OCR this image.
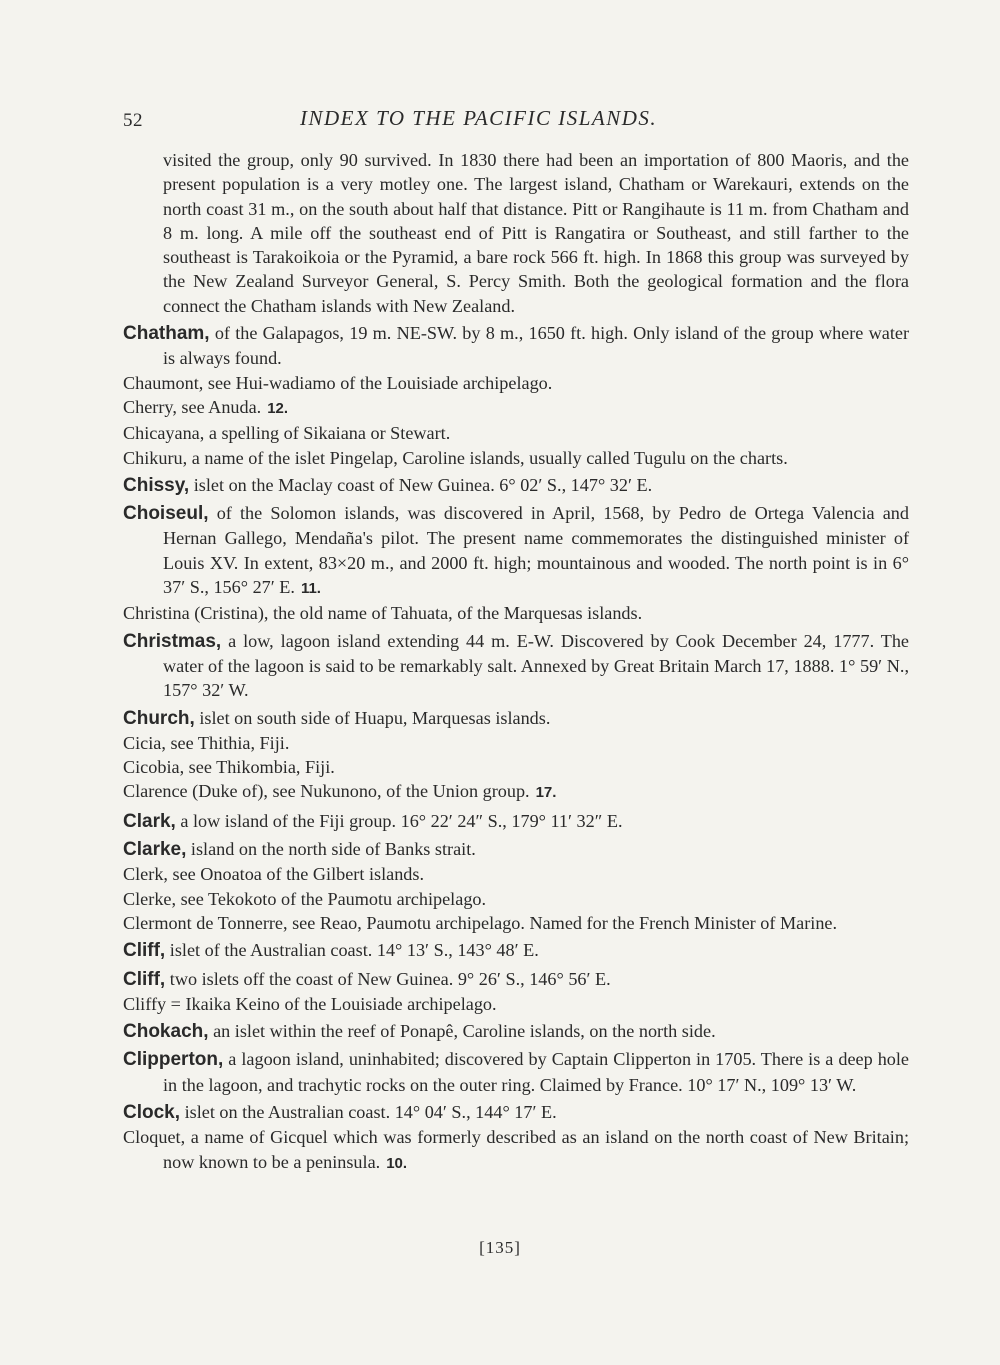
52	INDEX TO THE PACIFIC ISLANDS.

visited the group, only 90 survived. In 1830 there had been an importation of 800 Maoris, and the present population is a very motley one. The largest island, Chatham or Warekauri, extends on the north coast 31 m., on the south about half that distance. Pitt or Rangihaute is 11 m. from Chatham and 8 m. long. A mile off the southeast end of Pitt is Rangatira or Southeast, and still farther to the southeast is Tarakoikoia or the Pyramid, a bare rock 566 ft. high. In 1868 this group was surveyed by the New Zealand Surveyor General, S. Percy Smith. Both the geological formation and the flora connect the Chatham islands with New Zealand.

Chatham, of the Galapagos, 19 m. NE-SW. by 8 m., 1650 ft. high. Only island of the group where water is always found.
Chaumont, see Hui-wadiamo of the Louisiade archipelago.
Cherry, see Anuda. 12.
Chicayana, a spelling of Sikaiana or Stewart.
Chikuru, a name of the islet Pingelap, Caroline islands, usually called Tugulu on the charts.
Chissy, islet on the Maclay coast of New Guinea. 6° 02′ S., 147° 32′ E.
Choiseul, of the Solomon islands, was discovered in April, 1568, by Pedro de Ortega Valencia and Hernan Gallego, Mendaña's pilot. The present name commemorates the distinguished minister of Louis XV. In extent, 83×20 m., and 2000 ft. high; mountainous and wooded. The north point is in 6° 37′ S., 156° 27′ E. 11.
Christina (Cristina), the old name of Tahuata, of the Marquesas islands.
Christmas, a low, lagoon island extending 44 m. E-W. Discovered by Cook December 24, 1777. The water of the lagoon is said to be remarkably salt. Annexed by Great Britain March 17, 1888. 1° 59′ N., 157° 32′ W.
Church, islet on south side of Huapu, Marquesas islands.
Cicia, see Thithia, Fiji.
Cicobia, see Thikombia, Fiji.
Clarence (Duke of), see Nukunono, of the Union group. 17.
Clark, a low island of the Fiji group. 16° 22′ 24″ S., 179° 11′ 32″ E.
Clarke, island on the north side of Banks strait.
Clerk, see Onoatoa of the Gilbert islands.
Clerke, see Tekokoto of the Paumotu archipelago.
Clermont de Tonnerre, see Reao, Paumotu archipelago. Named for the French Minister of Marine.
Cliff, islet of the Australian coast. 14° 13′ S., 143° 48′ E.
Cliff, two islets off the coast of New Guinea. 9° 26′ S., 146° 56′ E.
Cliffy = Ikaika Keino of the Louisiade archipelago.
Chokach, an islet within the reef of Ponapê, Caroline islands, on the north side.
Clipperton, a lagoon island, uninhabited; discovered by Captain Clipperton in 1705. There is a deep hole in the lagoon, and trachytic rocks on the outer ring. Claimed by France. 10° 17′ N., 109° 13′ W.
Clock, islet on the Australian coast. 14° 04′ S., 144° 17′ E.
Cloquet, a name of Gicquel which was formerly described as an island on the north coast of New Britain; now known to be a peninsula. 10.
[135]
